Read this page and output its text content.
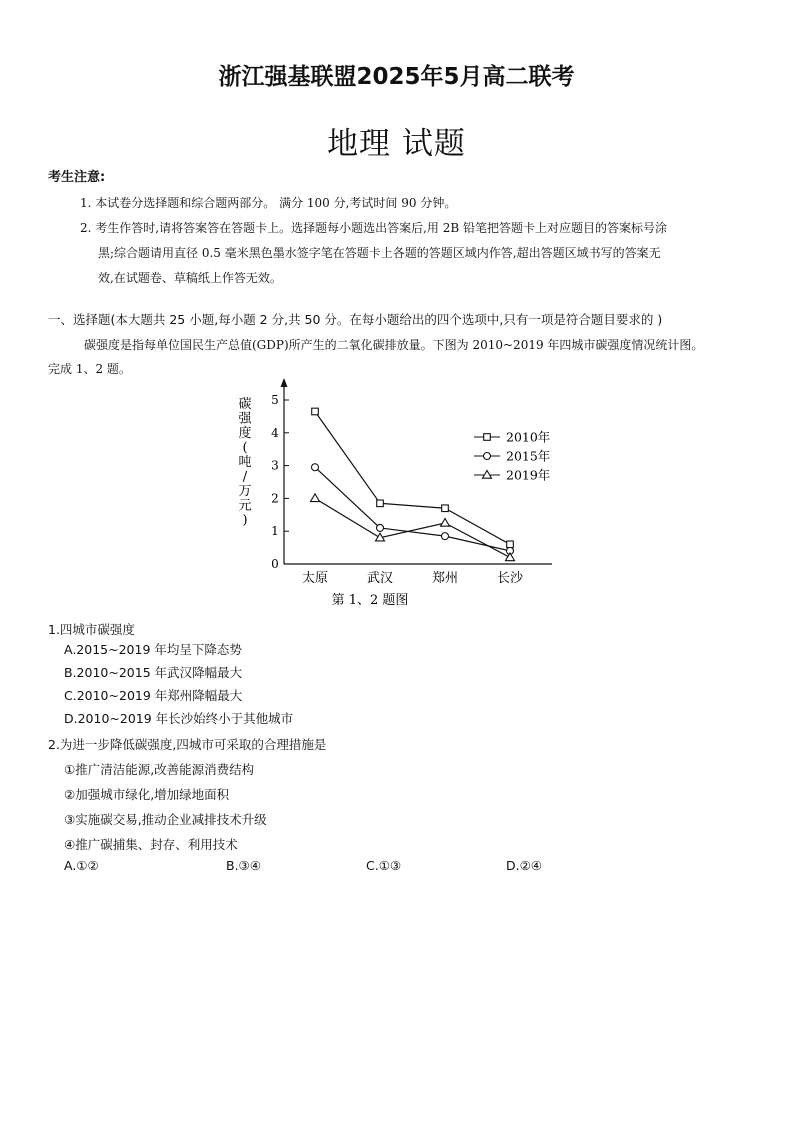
浙江强基联盟2025年5月高二联考
地理 试题
考生注意:
1. 本试卷分选择题和综合题两部分。 满分 100 分,考试时间 90 分钟。
2. 考生作答时,请将答案答在答题卡上。选择题每小题选出答案后,用 2B 铅笔把答题卡上对应题目的答案标号涂
黑;综合题请用直径 0.5 毫米黑色墨水签字笔在答题卡上各题的答题区域内作答,超出答题区域书写的答案无
效,在试题卷、草稿纸上作答无效。
一、选择题(本大题共 25 小题,每小题 2 分,共 50 分。在每小题给出的四个选项中,只有一项是符合题目要求的 )
碳强度是指每单位国民生产总值(GDP)所产生的二氧化碳排放量。下图为 2010~2019 年四城市碳强度情况统计图。
完成 1、2 题。
碳
强
度
(
吨
/
万
元
)
0
1
2
3
4
5
太原	武汉	郑州	长沙
2010年
2015年
2019年
第 1、2 题图
1.四城市碳强度
A.2015~2019 年均呈下降态势
B.2010~2015 年武汉降幅最大
C.2010~2019 年郑州降幅最大
D.2010~2019 年长沙始终小于其他城市
2.为进一步降低碳强度,四城市可采取的合理措施是
①推广清洁能源,改善能源消费结构
②加强城市绿化,增加绿地面积
③实施碳交易,推动企业减排技术升级
④推广碳捕集、封存、利用技术
A.①②	B.③④	C.①③	D.②④
